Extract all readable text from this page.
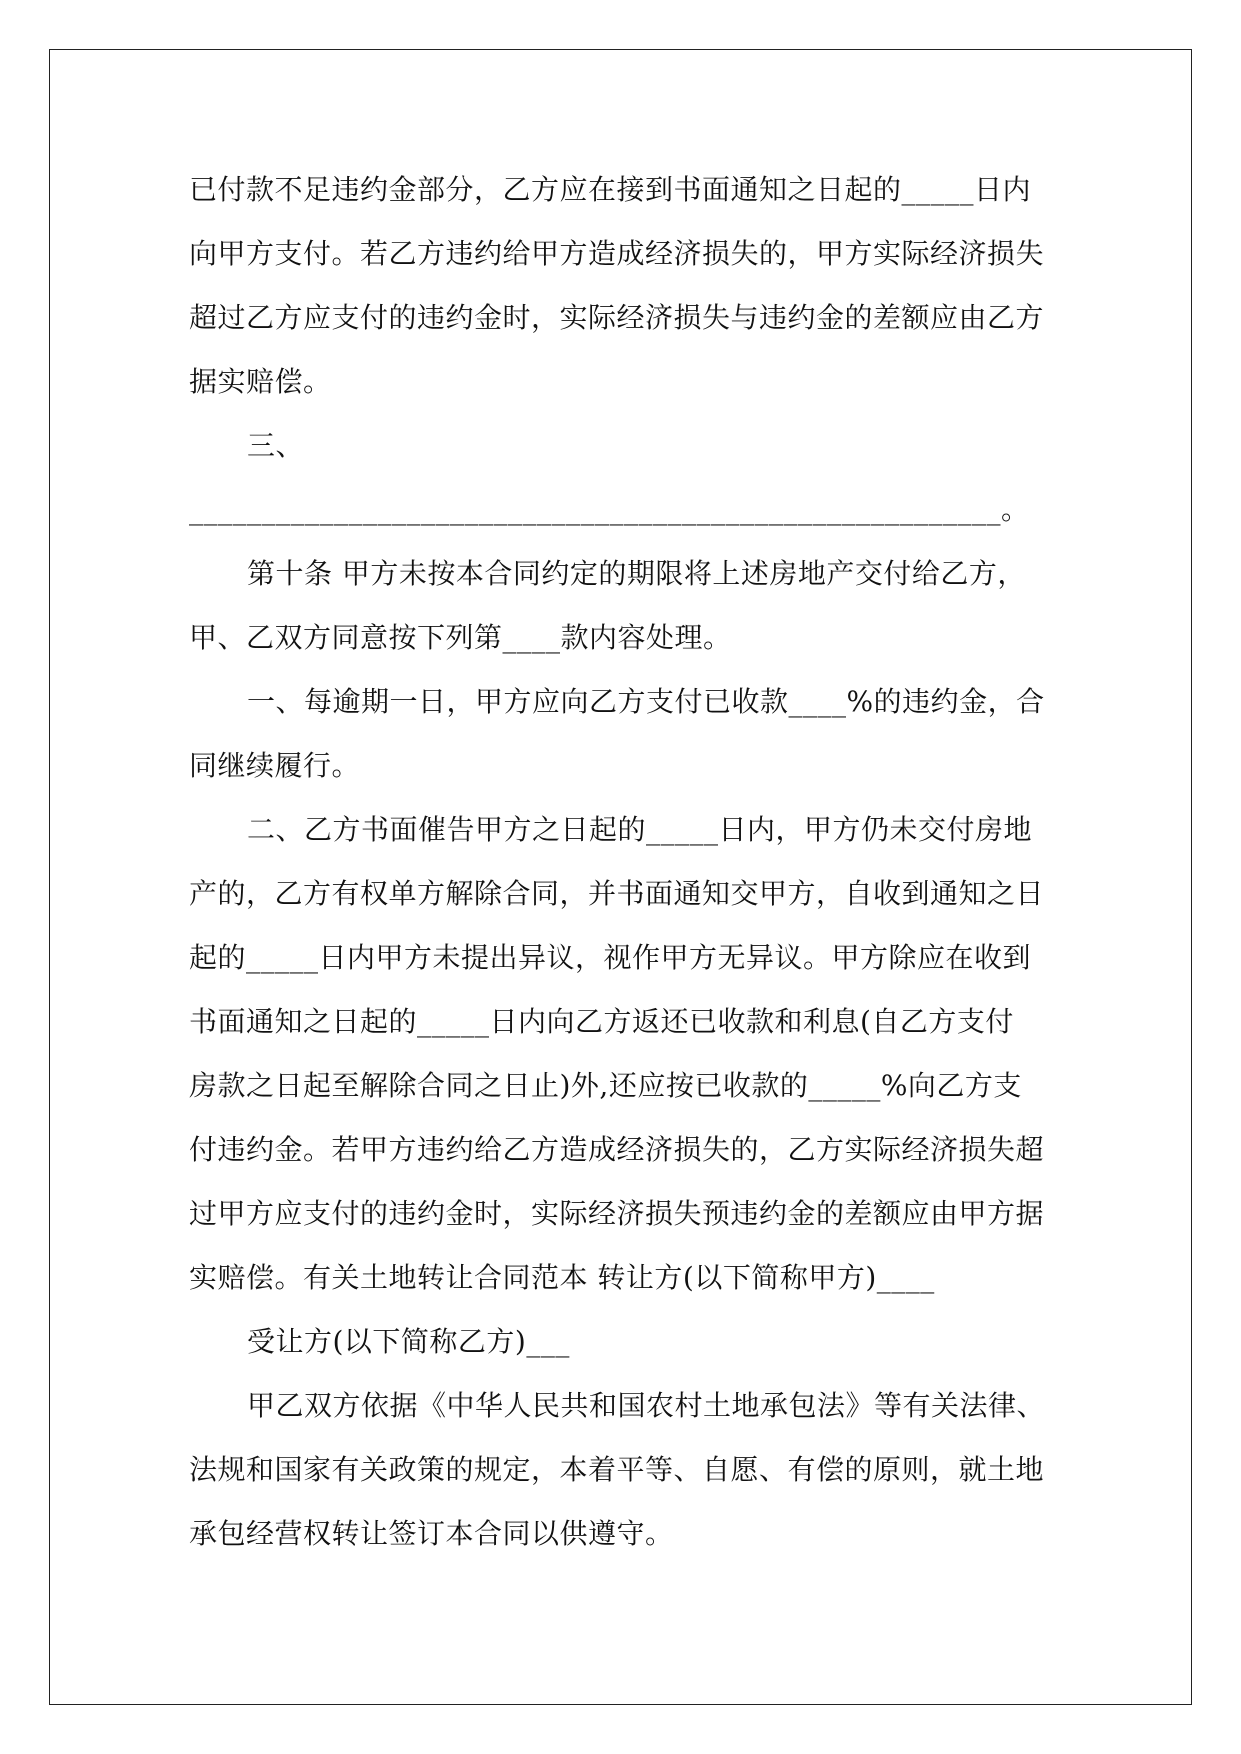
已付款不足违约金部分，乙方应在接到书面通知之日起的_____日内
向甲方支付。若乙方违约给甲方造成经济损失的，甲方实际经济损失
超过乙方应支付的违约金时，实际经济损失与违约金的差额应由乙方
据实赔偿。
三、
________________________________________________________。
第十条 甲方未按本合同约定的期限将上述房地产交付给乙方，
甲、乙双方同意按下列第____款内容处理。
一、每逾期一日，甲方应向乙方支付已收款____%的违约金，合
同继续履行。
二、乙方书面催告甲方之日起的_____日内，甲方仍未交付房地
产的，乙方有权单方解除合同，并书面通知交甲方，自收到通知之日
起的_____日内甲方未提出异议，视作甲方无异议。甲方除应在收到
书面通知之日起的_____日内向乙方返还已收款和利息(自乙方支付
房款之日起至解除合同之日止)外,还应按已收款的_____%向乙方支
付违约金。若甲方违约给乙方造成经济损失的，乙方实际经济损失超
过甲方应支付的违约金时，实际经济损失预违约金的差额应由甲方据
实赔偿。有关土地转让合同范本 转让方(以下简称甲方)____
受让方(以下简称乙方)___
甲乙双方依据《中华人民共和国农村土地承包法》等有关法律、
法规和国家有关政策的规定，本着平等、自愿、有偿的原则，就土地
承包经营权转让签订本合同以供遵守。
